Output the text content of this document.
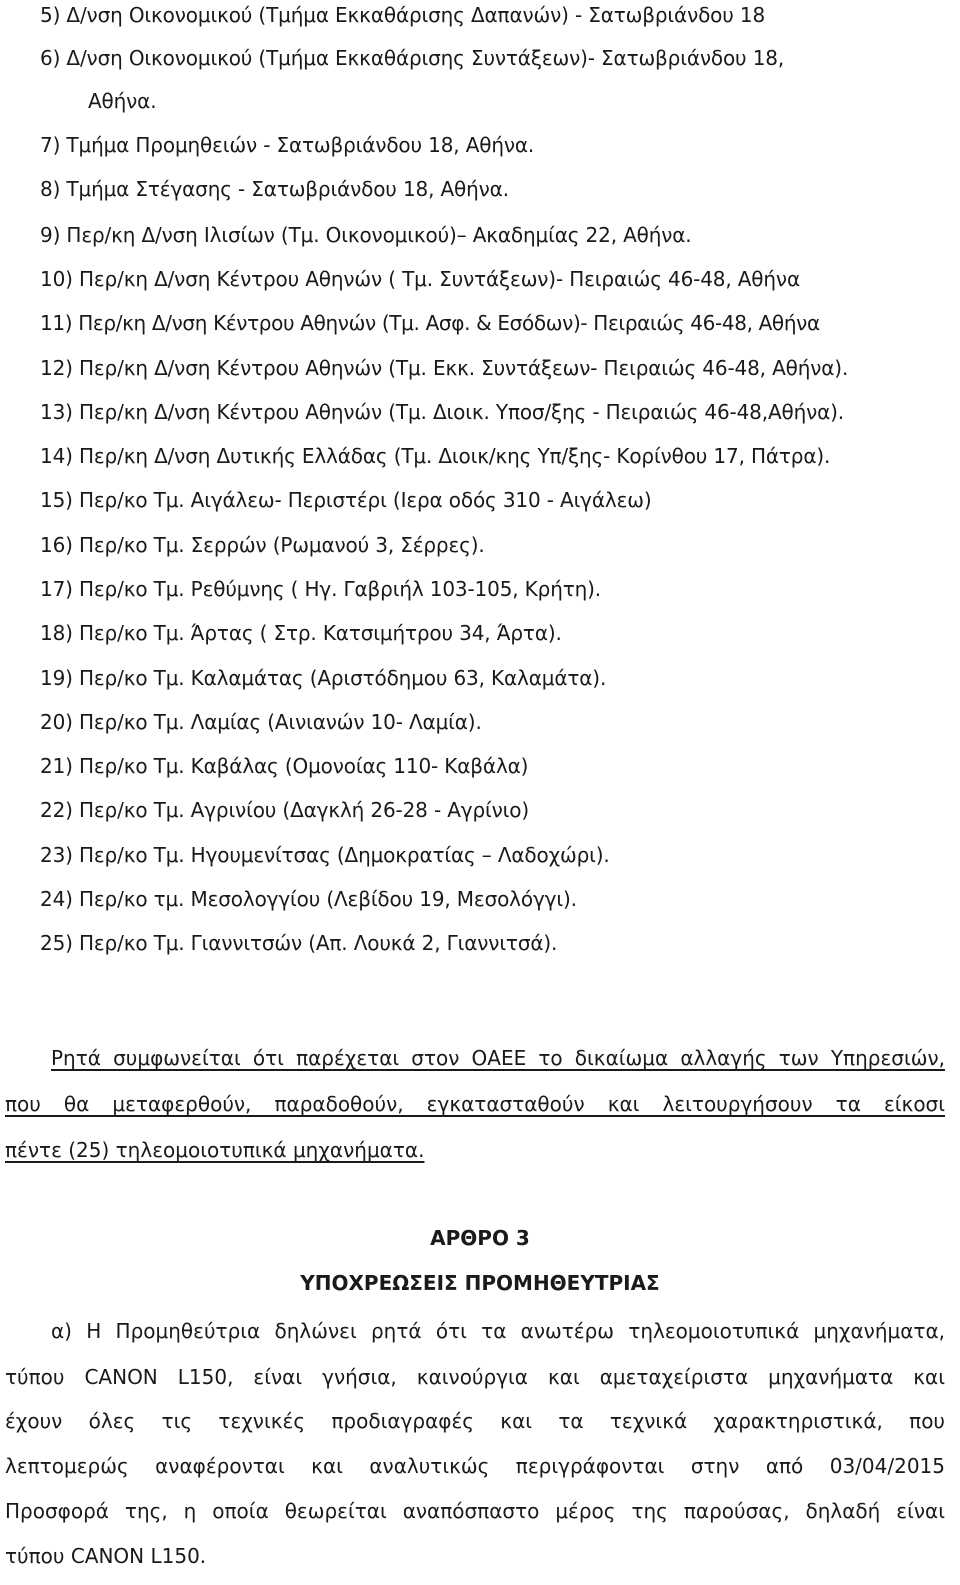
5) Δ/νση Οικονομικού (Τμήμα Εκκαθάρισης Δαπανών) - Σατωβριάνδου 18
6) Δ/νση Οικονομικού (Τμήμα Εκκαθάρισης Συντάξεων)- Σατωβριάνδου 18,
Αθήνα.
7) Τμήμα Προμηθειών - Σατωβριάνδου 18, Αθήνα.
8) Τμήμα Στέγασης - Σατωβριάνδου 18, Αθήνα.
9) Περ/κη Δ/νση Ιλισίων (Τμ. Οικονομικού)– Ακαδημίας 22, Αθήνα.
10) Περ/κη Δ/νση Κέντρου Αθηνών ( Τμ. Συντάξεων)- Πειραιώς 46-48, Αθήνα
11) Περ/κη Δ/νση Κέντρου Αθηνών (Τμ. Ασφ. & Εσόδων)- Πειραιώς 46-48, Αθήνα
12) Περ/κη Δ/νση Κέντρου Αθηνών (Τμ. Εκκ. Συντάξεων- Πειραιώς 46-48, Αθήνα).
13) Περ/κη Δ/νση Κέντρου Αθηνών (Τμ. Διοικ. Υποσ/ξης - Πειραιώς 46-48,Αθήνα).
14) Περ/κη Δ/νση Δυτικής Ελλάδας (Τμ. Διοικ/κης Υπ/ξης- Κορίνθου 17, Πάτρα).
15) Περ/κο Τμ. Αιγάλεω- Περιστέρι (Ιερα οδός 310 - Αιγάλεω)
16) Περ/κο Τμ. Σερρών (Ρωμανού 3, Σέρρες).
17) Περ/κο Τμ. Ρεθύμνης ( Ηγ. Γαβριήλ 103-105, Κρήτη).
18) Περ/κο Τμ. Άρτας ( Στρ. Κατσιμήτρου 34, Άρτα).
19) Περ/κο Τμ. Καλαμάτας (Αριστόδημου 63, Καλαμάτα).
20) Περ/κο Τμ. Λαμίας (Αινιανών 10- Λαμία).
21) Περ/κο Τμ. Καβάλας (Ομονοίας 110- Καβάλα)
22) Περ/κο Τμ. Αγρινίου (Δαγκλή 26-28 - Αγρίνιο)
23) Περ/κο Τμ. Ηγουμενίτσας (Δημοκρατίας – Λαδοχώρι).
24) Περ/κο τμ. Μεσολογγίου (Λεβίδου 19, Μεσολόγγι).
25) Περ/κο Τμ. Γιαννιτσών (Απ. Λουκά 2, Γιαννιτσά).
Ρητά συμφωνείται ότι παρέχεται στον ΟΑΕΕ το δικαίωμα αλλαγής των Υπηρεσιών,
που θα μεταφερθούν, παραδοθούν, εγκατασταθούν και λειτουργήσουν τα είκοσι
πέντε (25) τηλεομοιοτυπικά μηχανήματα.
ΑΡΘΡΟ 3
ΥΠΟΧΡΕΩΣΕΙΣ ΠΡΟΜΗΘΕΥΤΡΙΑΣ
α) Η Προμηθεύτρια δηλώνει ρητά ότι τα ανωτέρω τηλεομοιοτυπικά μηχανήματα,
τύπου CANON L150, είναι γνήσια, καινούργια και αμεταχείριστα μηχανήματα και
έχουν όλες τις τεχνικές προδιαγραφές και τα τεχνικά χαρακτηριστικά, που
λεπτομερώς αναφέρονται και αναλυτικώς περιγράφονται στην από 03/04/2015
Προσφορά της, η οποία θεωρείται αναπόσπαστο μέρος της παρούσας, δηλαδή είναι
τύπου CANON L150.
